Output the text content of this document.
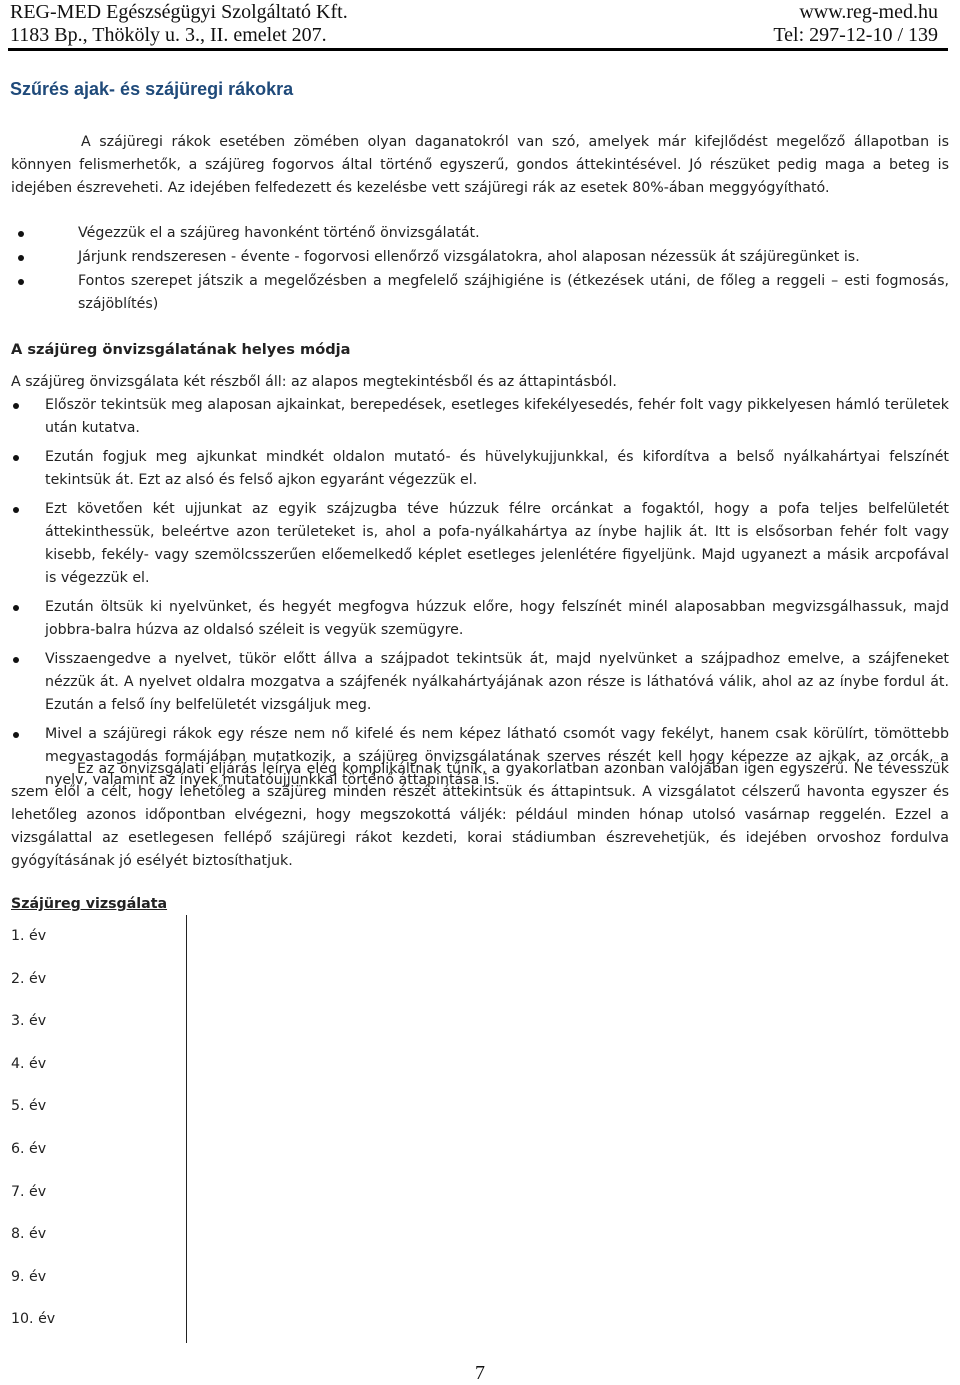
REG-MED Egészségügyi Szolgáltató Kft.	www.reg-med.hu
1183 Bp., Thököly u. 3., II. emelet 207.	Tel: 297-12-10 / 139
Szűrés ajak- és szájüregi rákokra

A szájüregi rákok esetében zömében olyan daganatokról van szó, amelyek már kifejlődést megelőző állapotban is könnyen felismerhetők, a szájüreg fogorvos által történő egyszerű, gondos áttekintésével. Jó részüket pedig maga a beteg is idejében észreveheti. Az idejében felfedezett és kezelésbe vett szájüregi rák az esetek 80%-ában meggyógyítható.

Végezzük el a szájüreg havonként történő önvizsgálatát.
Járjunk rendszeresen - évente - fogorvosi ellenőrző vizsgálatokra, ahol alaposan nézessük át szájüregünket is.
Fontos szerepet játszik a megelőzésben a megfelelő szájhigiéne is (étkezések utáni, de főleg a reggeli – esti fogmosás, szájöblítés)

A szájüreg önvizsgálatának helyes módja

A szájüreg önvizsgálata két részből áll: az alapos megtekintésből és az áttapintásból.

Először tekintsük meg alaposan ajkainkat, berepedések, esetleges kifekélyesedés, fehér folt vagy pikkelyesen hámló területek után kutatva.
Ezután fogjuk meg ajkunkat mindkét oldalon mutató- és hüvelykujjunkkal, és kifordítva a belső nyálkahártyai felszínét tekintsük át. Ezt az alsó és felső ajkon egyaránt végezzük el.
Ezt követően két ujjunkat az egyik szájzugba téve húzzuk félre orcánkat a fogaktól, hogy a pofa teljes belfelületét áttekinthessük, beleértve azon területeket is, ahol a pofa-nyálkahártya az ínybe hajlik át. Itt is elsősorban fehér folt vagy kisebb, fekély- vagy szemölcsszerűen előemelkedő képlet esetleges jelenlétére figyeljünk. Majd ugyanezt a másik arcpofával is végezzük el.
Ezután öltsük ki nyelvünket, és hegyét megfogva húzzuk előre, hogy felszínét minél alaposabban megvizsgálhassuk, majd jobbra-balra húzva az oldalsó széleit is vegyük szemügyre.
Visszaengedve a nyelvet, tükör előtt állva a szájpadot tekintsük át, majd nyelvünket a szájpadhoz emelve, a szájfeneket nézzük át. A nyelvet oldalra mozgatva a szájfenék nyálkahártyájának azon része is láthatóvá válik, ahol az az ínybe fordul át. Ezután a felső íny belfelületét vizsgáljuk meg.
Mivel a szájüregi rákok egy része nem nő kifelé és nem képez látható csomót vagy fekélyt, hanem csak körülírt, tömöttebb megvastagodás formájában mutatkozik, a szájüreg önvizsgálatának szerves részét kell hogy képezze az ajkak, az orcák, a nyelv, valamint az ínyek mutatóujjunkkal történő áttapintása is.

Ez az önvizsgálati eljárás leírva elég komplikáltnak tűnik, a gyakorlatban azonban valójában igen egyszerű. Ne tévesszük szem elől a célt, hogy lehetőleg a szájüreg minden részét áttekintsük és áttapintsuk. A vizsgálatot célszerű havonta egyszer és lehetőleg azonos időpontban elvégezni, hogy megszokottá váljék: például minden hónap utolsó vasárnap reggelén. Ezzel a vizsgálattal az esetlegesen fellépő szájüregi rákot kezdeti, korai stádiumban észrevehetjük, és idejében orvoshoz fordulva gyógyításának jó esélyét biztosíthatjuk.

Szájüreg vizsgálata

1. év
2. év
3. év
4. év
5. év
6. év
7. év
8. év
9. év
10. év
7
